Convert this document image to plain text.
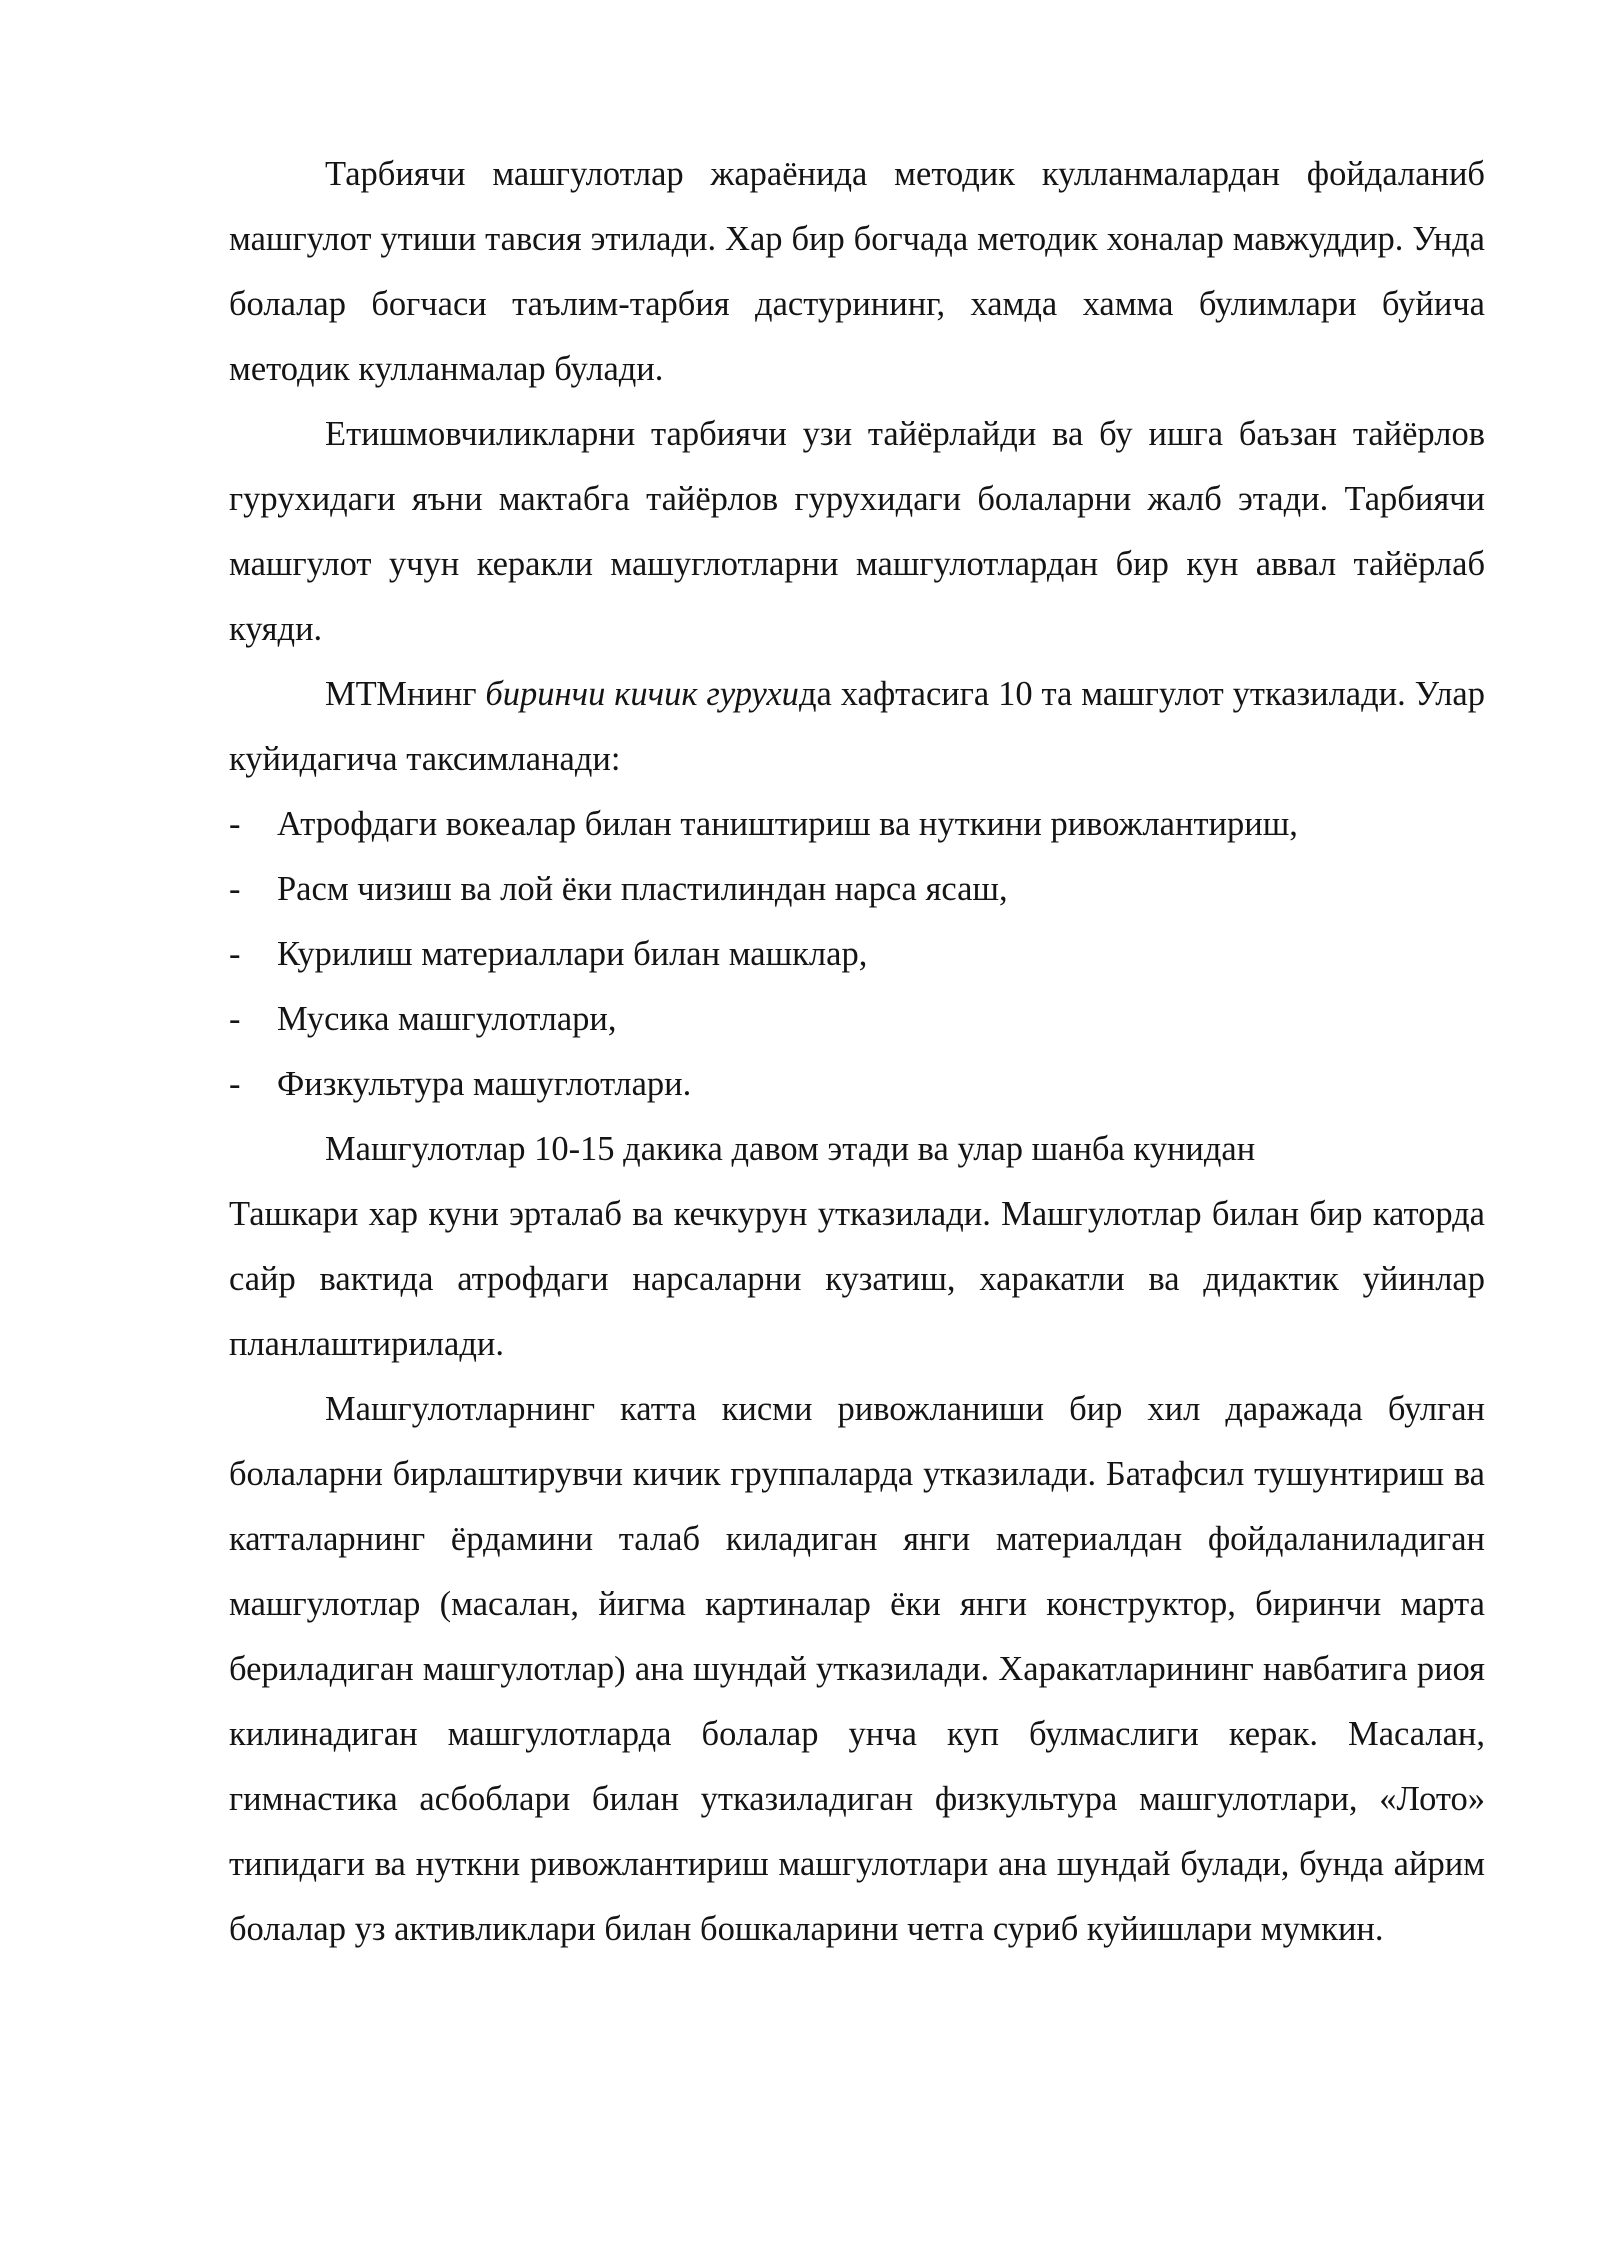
Тарбиячи машгулотлар жараёнида методик кулланмалардан фойдаланиб машгулот утиши тавсия этилади. Хар бир богчада методик хоналар мавжуддир. Унда болалар богчаси таълим-тарбия дастурининг, хамда хамма булимлари буйича методик кулланмалар булади.

Етишмовчиликларни тарбиячи узи тайёрлайди ва бу ишга баъзан тайёрлов гурухидаги яъни мактабга тайёрлов гурухидаги болаларни жалб этади. Тарбиячи машгулот учун керакли машуглотларни машгулотлардан бир кун аввал тайёрлаб куяди.

МТМнинг биринчи кичик гурухида хафтасига 10 та машгулот утказилади. Улар куйидагича таксимланади:

- Атрофдаги вокеалар билан таништириш ва нуткини ривожлантириш,
- Расм чизиш ва лой ёки пластилиндан нарса ясаш,
- Курилиш материаллари билан машклар,
- Мусика машгулотлари,
- Физкультура машуглотлари.

Машгулотлар 10-15 дакика давом этади ва улар шанба кунидан

Ташкари хар куни эрталаб ва кечкурун утказилади. Машгулотлар билан бир каторда сайр вактида атрофдаги нарсаларни кузатиш, харакатли ва дидактик уйинлар планлаштирилади.

Машгулотларнинг катта кисми ривожланиши бир хил даражада булган болаларни бирлаштирувчи кичик группаларда утказилади. Батафсил тушунтириш ва катталарнинг ёрдамини талаб киладиган янги материалдан фойдаланиладиган машгулотлар (масалан, йигма картиналар ёки янги конструктор, биринчи марта бериладиган машгулотлар) ана шундай утказилади. Харакатларининг навбатига риоя килинадиган машгулотларда болалар унча куп булмаслиги керак. Масалан, гимнастика асбоблари билан утказиладиган физкультура машгулотлари, «Лото» типидаги ва нуткни ривожлантириш машгулотлари ана шундай булади, бунда айрим болалар уз активликлари билан бошкаларини четга суриб куйишлари мумкин.
